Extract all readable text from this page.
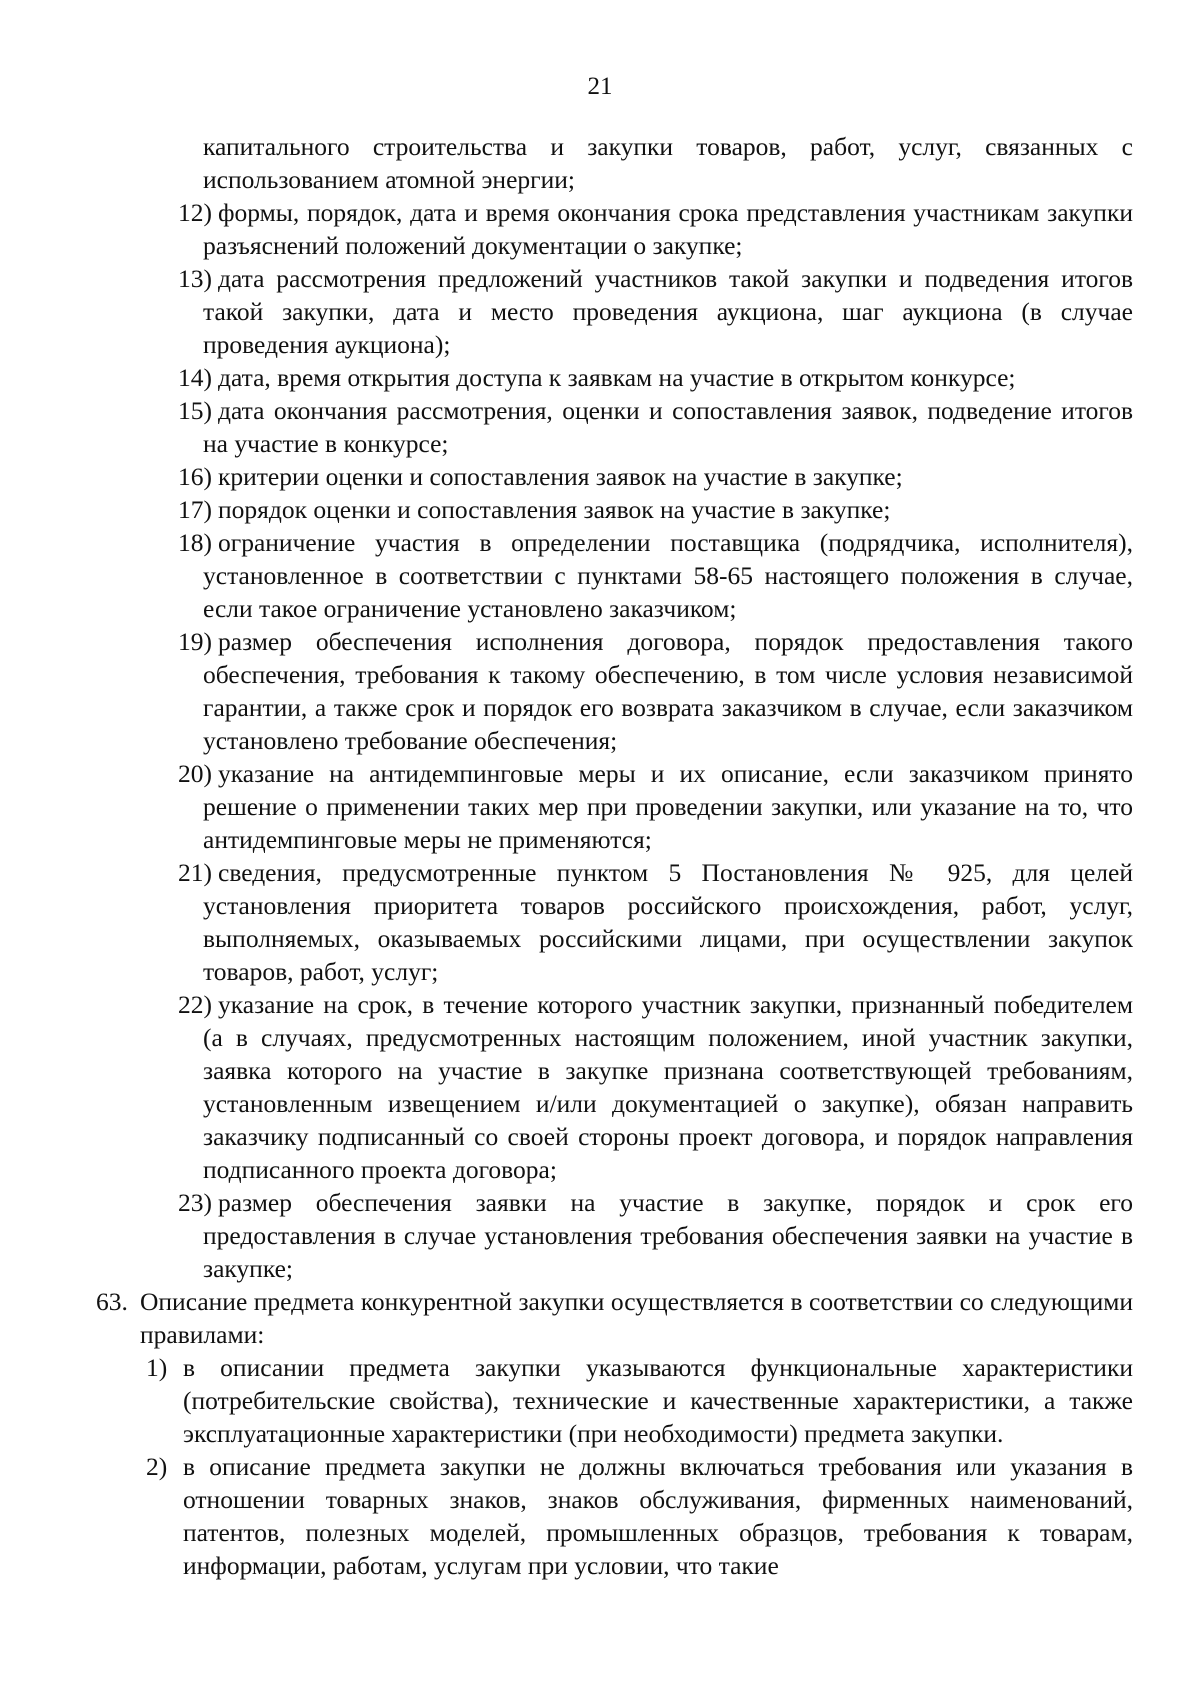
21

капитального строительства и закупки товаров, работ, услуг, связанных с использованием атомной энергии;

12) формы, порядок, дата и время окончания срока представления участникам закупки разъяснений положений документации о закупке;

13) дата рассмотрения предложений участников такой закупки и подведения итогов такой закупки, дата и место проведения аукциона, шаг аукциона (в случае проведения аукциона);

14) дата, время открытия доступа к заявкам на участие в открытом конкурсе;

15) дата окончания рассмотрения, оценки и сопоставления заявок, подведение итогов на участие в конкурсе;

16) критерии оценки и сопоставления заявок на участие в закупке;

17) порядок оценки и сопоставления заявок на участие в закупке;

18) ограничение участия в определении поставщика (подрядчика, исполнителя), установленное в соответствии с пунктами 58-65 настоящего положения в случае, если такое ограничение установлено заказчиком;

19) размер обеспечения исполнения договора, порядок предоставления такого обеспечения, требования к такому обеспечению, в том числе условия независимой гарантии, а также срок и порядок его возврата заказчиком в случае, если заказчиком установлено требование обеспечения;

20) указание на антидемпинговые меры и их описание, если заказчиком принято решение о применении таких мер при проведении закупки, или указание на то, что антидемпинговые меры не применяются;

21) сведения, предусмотренные пунктом 5 Постановления № 925, для целей установления приоритета товаров российского происхождения, работ, услуг, выполняемых, оказываемых российскими лицами, при осуществлении закупок товаров, работ, услуг;

22) указание на срок, в течение которого участник закупки, признанный победителем (а в случаях, предусмотренных настоящим положением, иной участник закупки, заявка которого на участие в закупке признана соответствующей требованиям, установленным извещением и/или документацией о закупке), обязан направить заказчику подписанный со своей стороны проект договора, и порядок направления подписанного проекта договора;

23) размер обеспечения заявки на участие в закупке, порядок и срок его предоставления в случае установления требования обеспечения заявки на участие в закупке;

63. Описание предмета конкурентной закупки осуществляется в соответствии со следующими правилами:

1) в описании предмета закупки указываются функциональные характеристики (потребительские свойства), технические и качественные характеристики, а также эксплуатационные характеристики (при необходимости) предмета закупки.

2) в описание предмета закупки не должны включаться требования или указания в отношении товарных знаков, знаков обслуживания, фирменных наименований, патентов, полезных моделей, промышленных образцов, требования к товарам, информации, работам, услугам при условии, что такие
